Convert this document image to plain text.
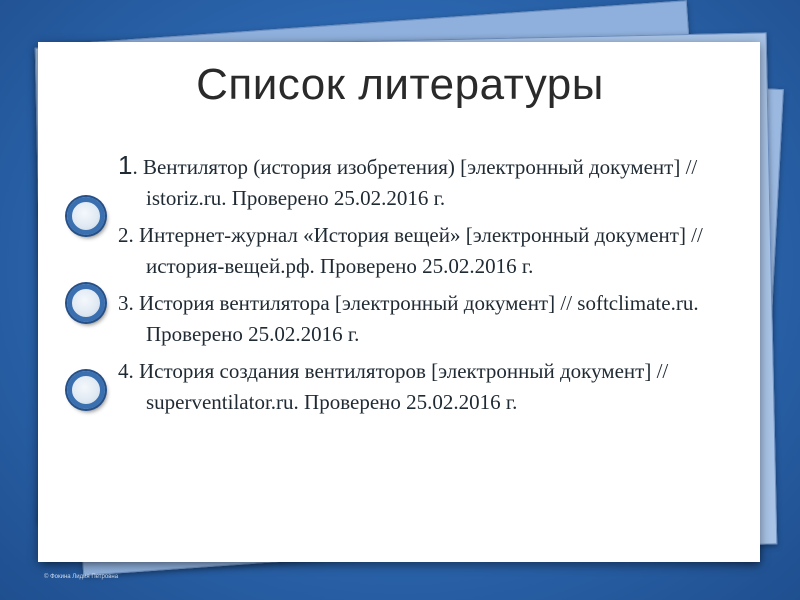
Список литературы
1. Вентилятор (история изобретения) [электронный документ] // istoriz.ru. Проверено 25.02.2016 г.
2. Интернет-журнал «История вещей» [электронный документ] // история-вещей.рф. Проверено 25.02.2016 г.
3. История вентилятора [электронный документ] // softclimate.ru. Проверено 25.02.2016 г.
4. История создания вентиляторов [электронный документ] // superventilator.ru. Проверено 25.02.2016 г.
© Фокина Лидия Петровна
